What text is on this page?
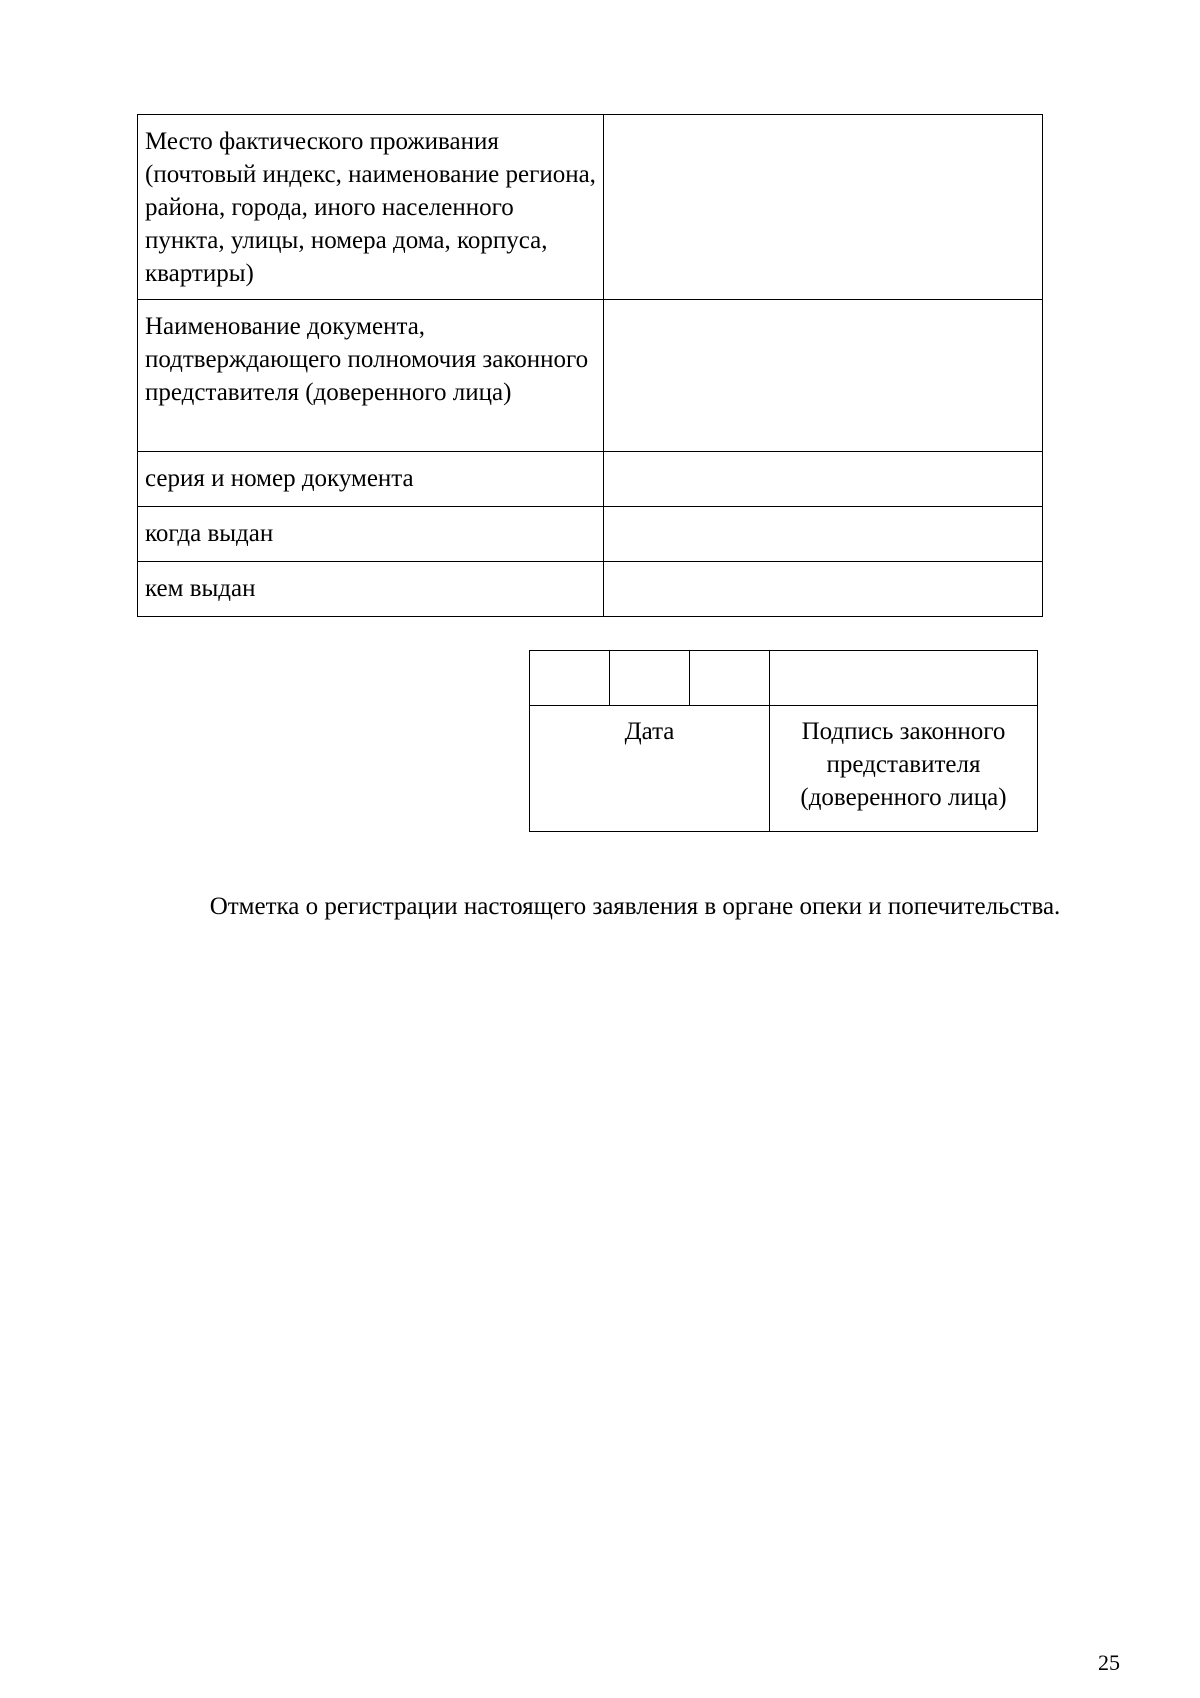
Место фактического проживания (почтовый индекс, наименование региона, района, города, иного населенного пункта, улицы, номера дома, корпуса, квартиры)	
Наименование документа, подтверждающего полномочия законного представителя (доверенного лица)	
серия и номер документа	
когда выдан	
кем выдан	

Дата			Подпись законного представителя (доверенного лица)
Отметка о регистрации настоящего заявления в органе опеки и попечительства.
25
